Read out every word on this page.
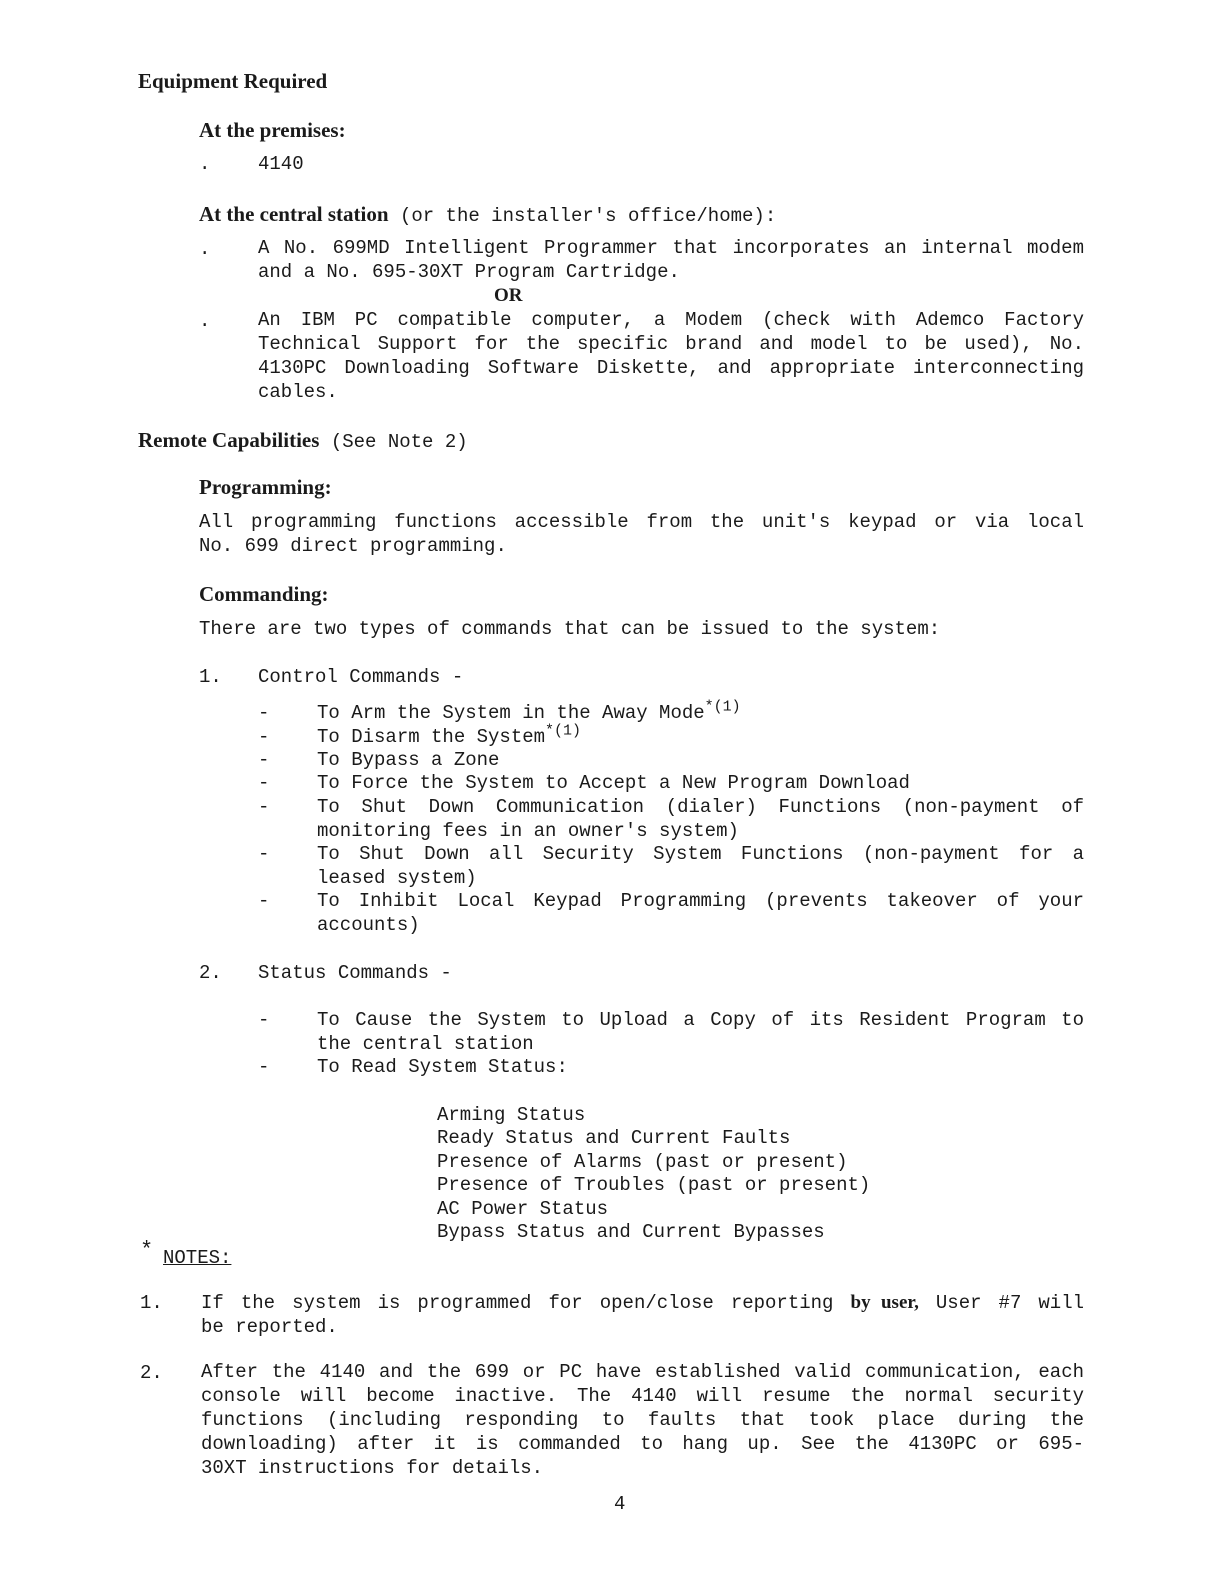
Equipment Required
At the premises:
.	4140
At the central station (or the installer's office/home):
.	A No. 699MD Intelligent Programmer that incorporates an internal modem
and a No. 695-30XT Program Cartridge.
OR
.	An IBM PC compatible computer, a Modem (check with Ademco Factory
Technical Support for the specific brand and model to be used), No.
4130PC Downloading Software Diskette, and appropriate interconnecting
cables.
Remote Capabilities (See Note 2)
Programming:
All programming functions accessible from the unit's keypad or via local
No. 699 direct programming.
Commanding:
There are two types of commands that can be issued to the system:
1. Control Commands -
-	To Arm the System in the Away Mode$^{*(1)}$
-	To Disarm the System$^{*(1)}$
-	To Bypass a Zone
-	To Force the System to Accept a New Program Download
-	To Shut Down Communication (dialer) Functions (non-payment of
monitoring fees in an owner's system)
-	To Shut Down all Security System Functions (non-payment for a
leased system)
-	To Inhibit Local Keypad Programming (prevents takeover of your
accounts)
2. Status Commands -
-	To Cause the System to Upload a Copy of its Resident Program to
the central station
-	To Read System Status:
Arming Status
Ready Status and Current Faults
Presence of Alarms (past or present)
Presence of Troubles (past or present)
AC Power Status
Bypass Status and Current Bypasses
* NOTES:
1. If the system is programmed for open/close reporting by user, User #7 will
be reported.
2. After the 4140 and the 699 or PC have established valid communication, each
console will become inactive. The 4140 will resume the normal security
functions (including responding to faults that took place during the
downloading) after it is commanded to hang up. See the 4130PC or 695-
30XT instructions for details.
4
